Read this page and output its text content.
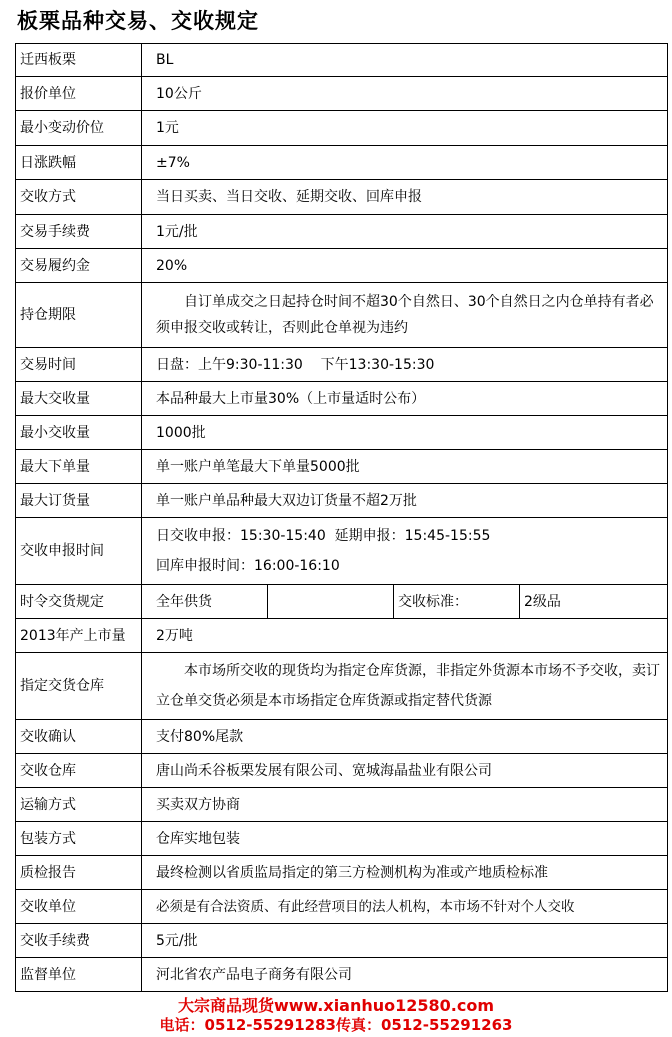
板栗品种交易、交收规定
迁西板栗	BL			
报价单位	10公斤			
最小变动价位	1元			
日涨跌幅	±7%			
交收方式	当日买卖、当日交收、延期交收、回库申报			
交易手续费	1元/批			
交易履约金	20%			
持仓期限	自订单成交之日起持仓时间不超30个自然日、30个自然日之内仓单持有者必须申报交收或转让，否则此仓单视为违约			
交易时间	日盘：上午9:30-11:30    下午13:30-15:30			
最大交收量	本品种最大上市量30%（上市量适时公布）			
最小交收量	1000批			
最大下单量	单一账户单笔最大下单量5000批			
最大订货量	单一账户单品种最大双边订货量不超2万批			
交收申报时间	日交收申报：15:30-15:40  延期申报：15:45-15:55
回库申报时间：16:00-16:10			

时令交货规定	全年供货		交收标准：	2级品
2013年产上市量	2万吨			
指定交货仓库	本市场所交收的现货均为指定仓库货源，非指定外货源本市场不予交收，卖订立仓单交货必须是本市场指定仓库货源或指定替代货源			
交收确认	支付80%尾款			
交收仓库	唐山尚禾谷板栗发展有限公司、宽城海晶盐业有限公司			
运输方式	买卖双方协商			
包装方式	仓库实地包装			
质检报告	最终检测以省质监局指定的第三方检测机构为准或产地质检标准			
交收单位	必须是有合法资质、有此经营项目的法人机构，本市场不针对个人交收			
交收手续费	5元/批			
监督单位	河北省农产品电子商务有限公司			
大宗商品现货www.xianhuo12580.com
电话：0512-55291283传真：0512-55291263
